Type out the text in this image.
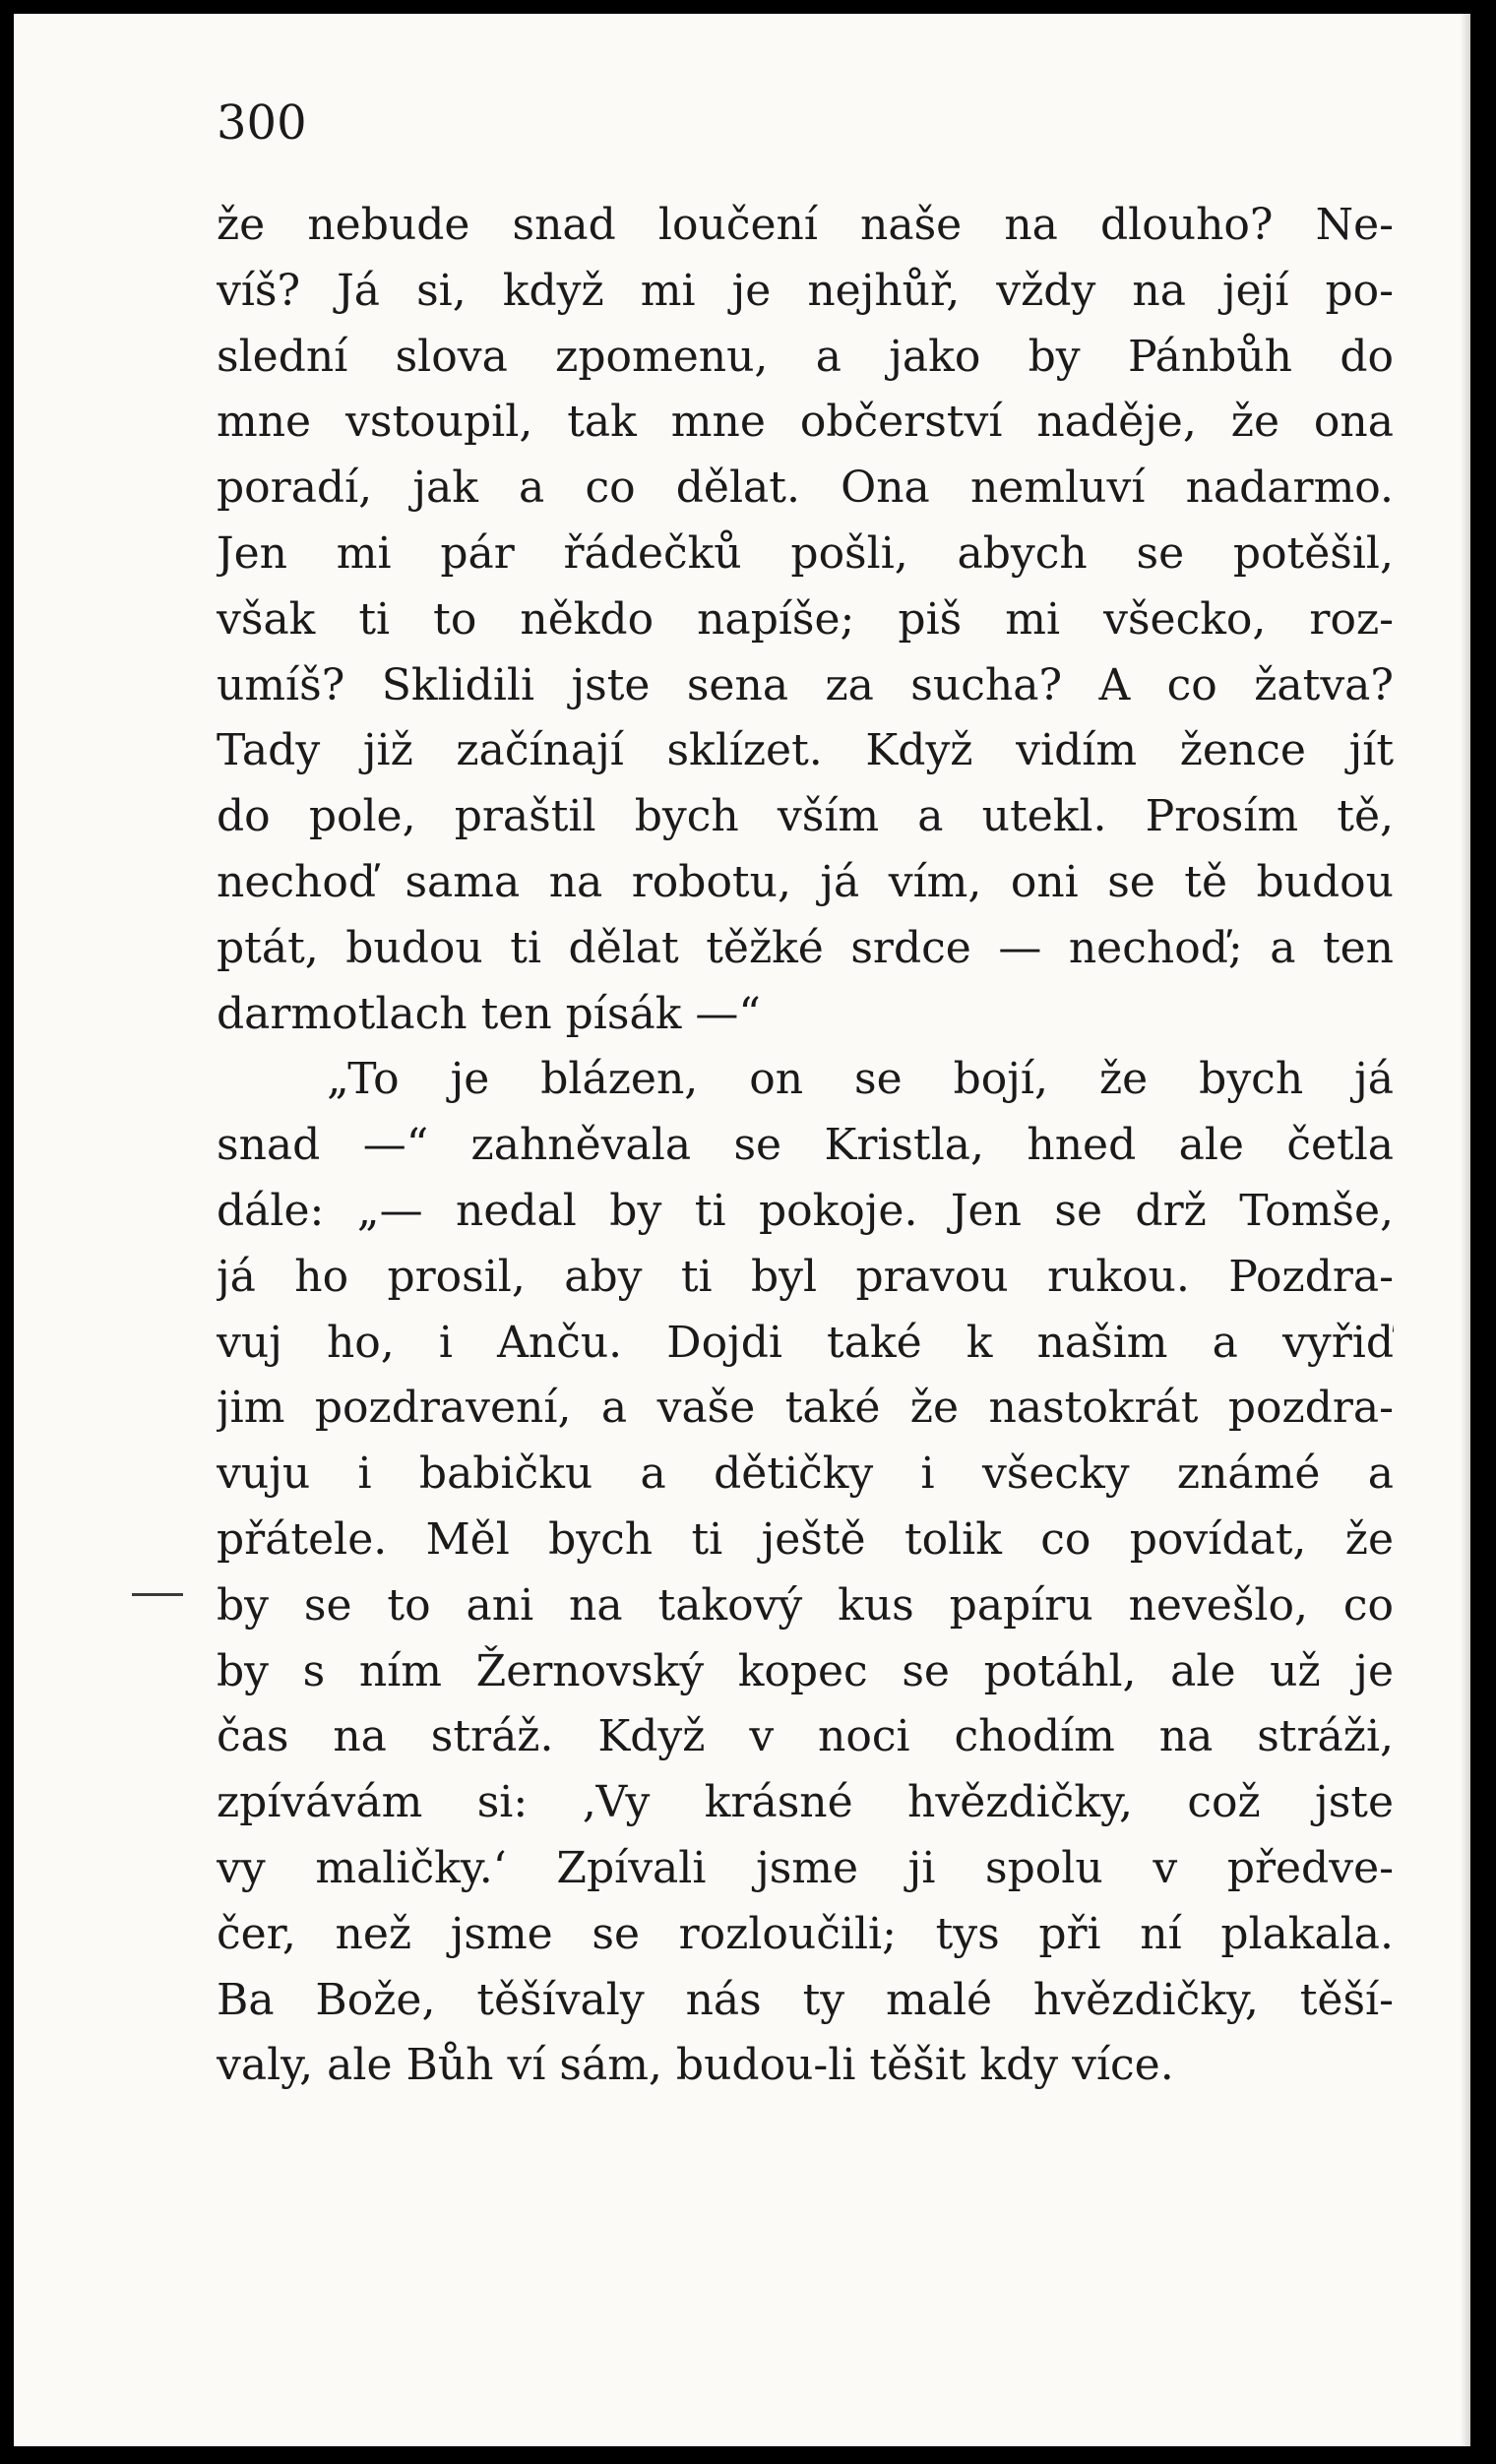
300
že nebude snad loučení naše na dlouho? Ne-
víš? Já si, když mi je nejhůř, vždy na její po-
slední slova zpomenu, a jako by Pánbůh do
mne vstoupil, tak mne občerství naděje, že ona
poradí, jak a co dělat. Ona nemluví nadarmo.
Jen mi pár řádečků pošli, abych se potěšil,
však ti to někdo napíše; piš mi všecko, roz-
umíš? Sklidili jste sena za sucha? A co žatva?
Tady již začínají sklízet. Když vidím žence jít
do pole, praštil bych vším a utekl. Prosím tě,
nechoď sama na robotu, já vím, oni se tě budou
ptát, budou ti dělat těžké srdce — nechoď; a ten
darmotlach ten písák —“
„To je blázen, on se bojí, že bych já
snad —“ zahněvala se Kristla, hned ale četla
dále: „— nedal by ti pokoje. Jen se drž Tomše,
já ho prosil, aby ti byl pravou rukou. Pozdra-
vuj ho, i Anču. Dojdi také k našim a vyřiď
jim pozdravení, a vaše také že nastokrát pozdra-
vuju i babičku a dětičky i všecky známé a
přátele. Měl bych ti ještě tolik co povídat, že
by se to ani na takový kus papíru nevešlo, co
by s ním Žernovský kopec se potáhl, ale už je
čas na stráž. Když v noci chodím na stráži,
zpívávám si: ‚Vy krásné hvězdičky, což jste
vy maličky.‘ Zpívali jsme ji spolu v předve-
čer, než jsme se rozloučili; tys při ní plakala.
Ba Bože, těšívaly nás ty malé hvězdičky, těší-
valy, ale Bůh ví sám, budou-li těšit kdy více.
